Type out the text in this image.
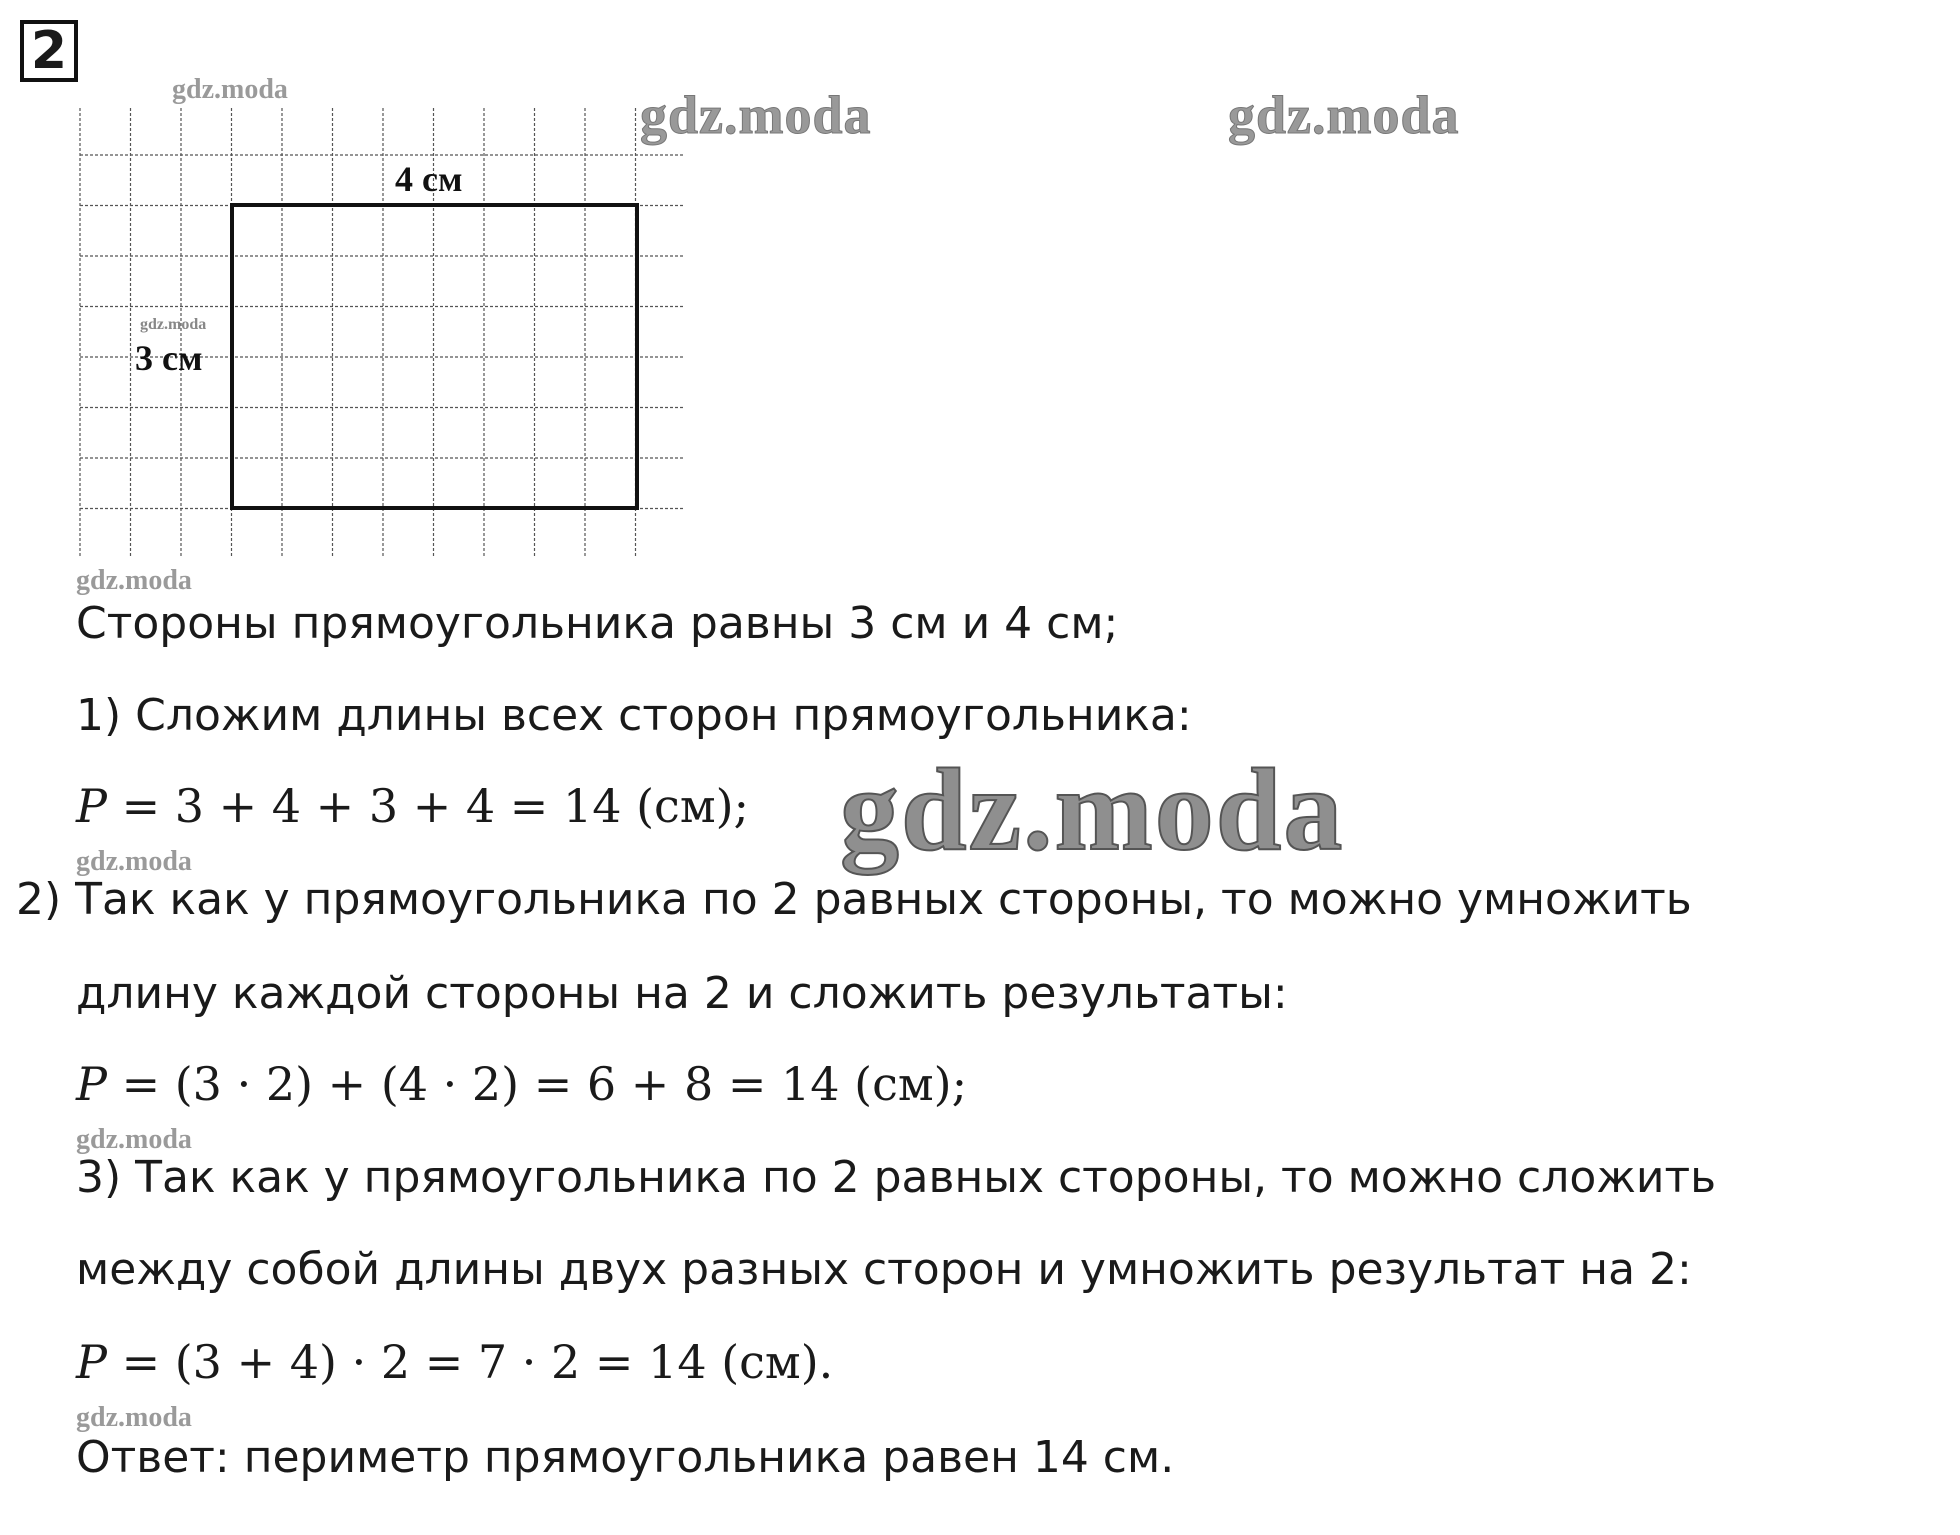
2
4 см
3 см
gdz.moda	gdz.moda	gdz.moda
gdz.moda
gdz.moda
gdz.moda
gdz.moda
gdz.moda
Стороны прямоугольника равны 3 см и 4 см;
1) Сложим длины всех сторон прямоугольника:
P = 3 + 4 + 3 + 4 = 14 (см); gdz.moda
2) Так как у прямоугольника по 2 равных стороны, то можно умножить
длину каждой стороны на 2 и сложить результаты:
P = (3 · 2) + (4 · 2) = 6 + 8 = 14 (см);
3) Так как у прямоугольника по 2 равных стороны, то можно сложить
между собой длины двух разных сторон и умножить результат на 2:
P = (3 + 4) · 2 = 7 · 2 = 14 (см).
Ответ: периметр прямоугольника равен 14 см.
